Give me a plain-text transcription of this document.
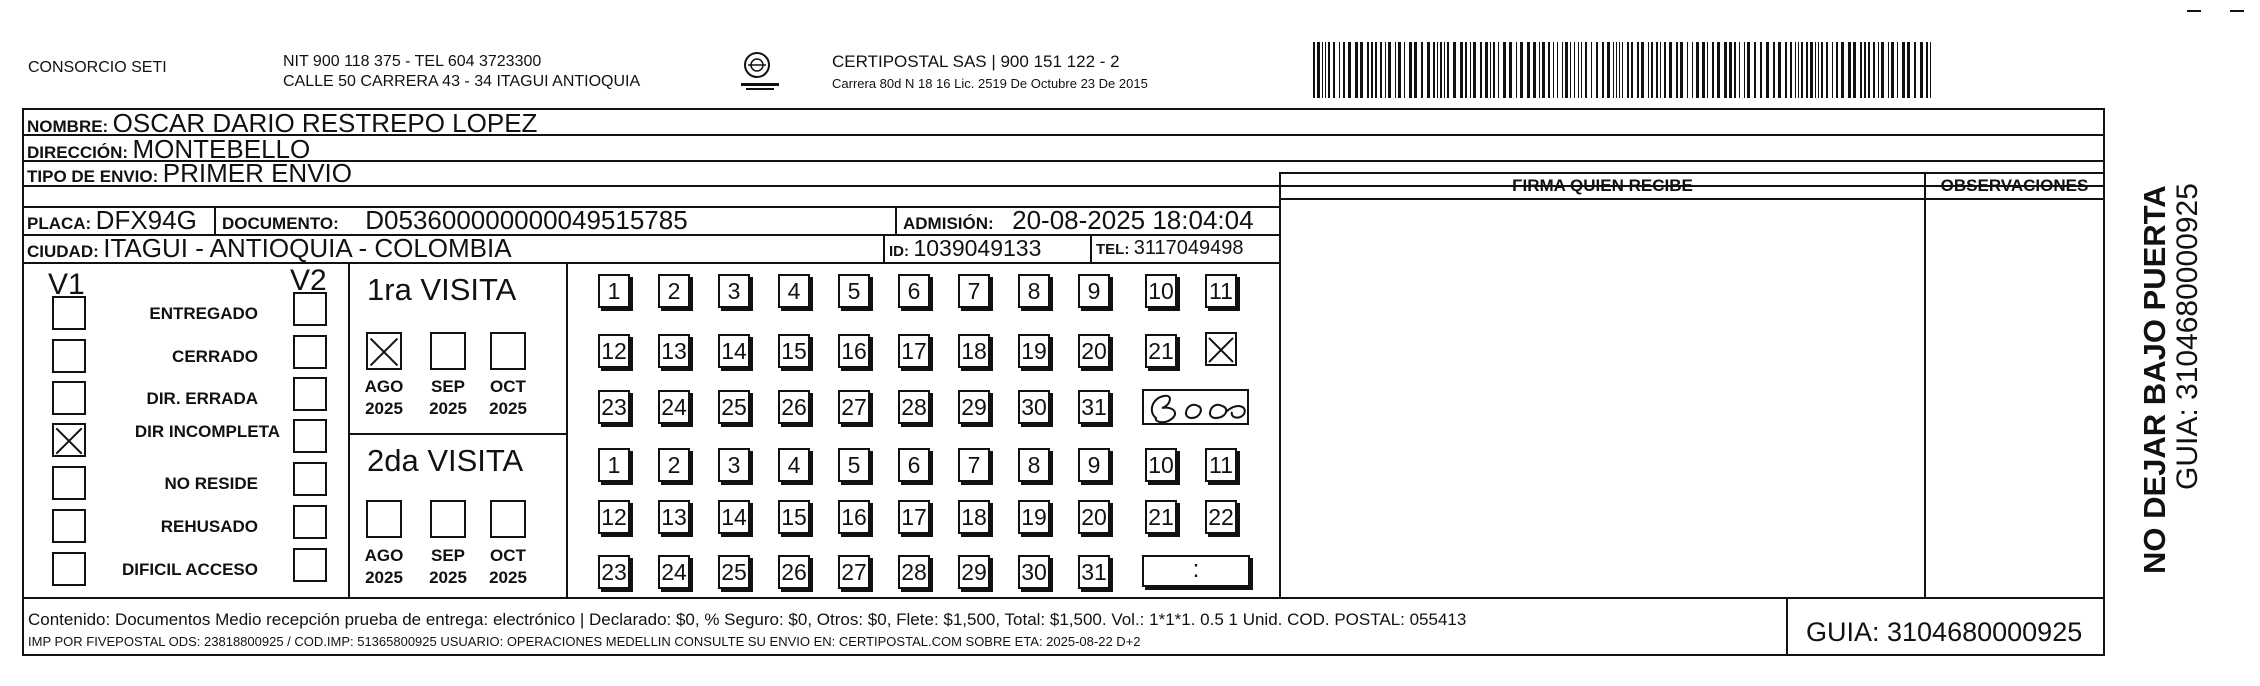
CONSORCIO SETI	NIT 900 118 375 - TEL 604 3723300
CALLE 50 CARRERA 43 - 34 ITAGUI ANTIOQUIA
CERTIPOSTAL SAS | 900 151 122 - 2
Carrera 80d N 18 16 Lic. 2519 De Octubre 23 De 2015
NOMBRE: OSCAR DARIO RESTREPO LOPEZ
DIRECCIÓN: MONTEBELLO
TIPO DE ENVIO: PRIMER ENVIO
PLACA: DFX94G DOCUMENTO: D053600000000049515785	ADMISIÓN: 20-08-2025 18:04:04
CIUDAD: ITAGUI - ANTIOQUIA - COLOMBIA	ID: 1039049133	TEL: 3117049498
FIRMA QUIEN RECIBE	OBSERVACIONES
V1	V2
ENTREGADO
CERRADO
DIR. ERRADA
DIR INCOMPLETA
NO RESIDE
REHUSADO
DIFICIL ACCESO
1ra VISITA
2da VISITA
AGO
2025
SEP
2025
OCT
2025
AGO
2025
SEP
2025
OCT
2025
1	2	3	4	5	6	7	8	9	10 11
12 13 14 15 16 17 18 19 20 21
23 24 25 26 27 28 29 30 31
1	2	3	4	5	6	7	8	9	10 11
12 13 14 15 16 17 18 19 20 21 22
23 24 25 26 27 28 29 30 31	:
Contenido: Documentos Medio recepción prueba de entrega: electrónico | Declarado: $0, % Seguro: $0, Otros: $0, Flete: $1,500, Total: $1,500. Vol.: 1*1*1. 0.5 1 Unid. COD. POSTAL: 055413
IMP POR FIVEPOSTAL ODS: 23818800925 / COD.IMP: 51365800925 USUARIO: OPERACIONES MEDELLIN CONSULTE SU ENVIO EN: CERTIPOSTAL.COM SOBRE ETA: 2025-08-22 D+2	GUIA: 3104680000925
NO DEJAR BAJO PUERTA GUIA: 3104680000925
